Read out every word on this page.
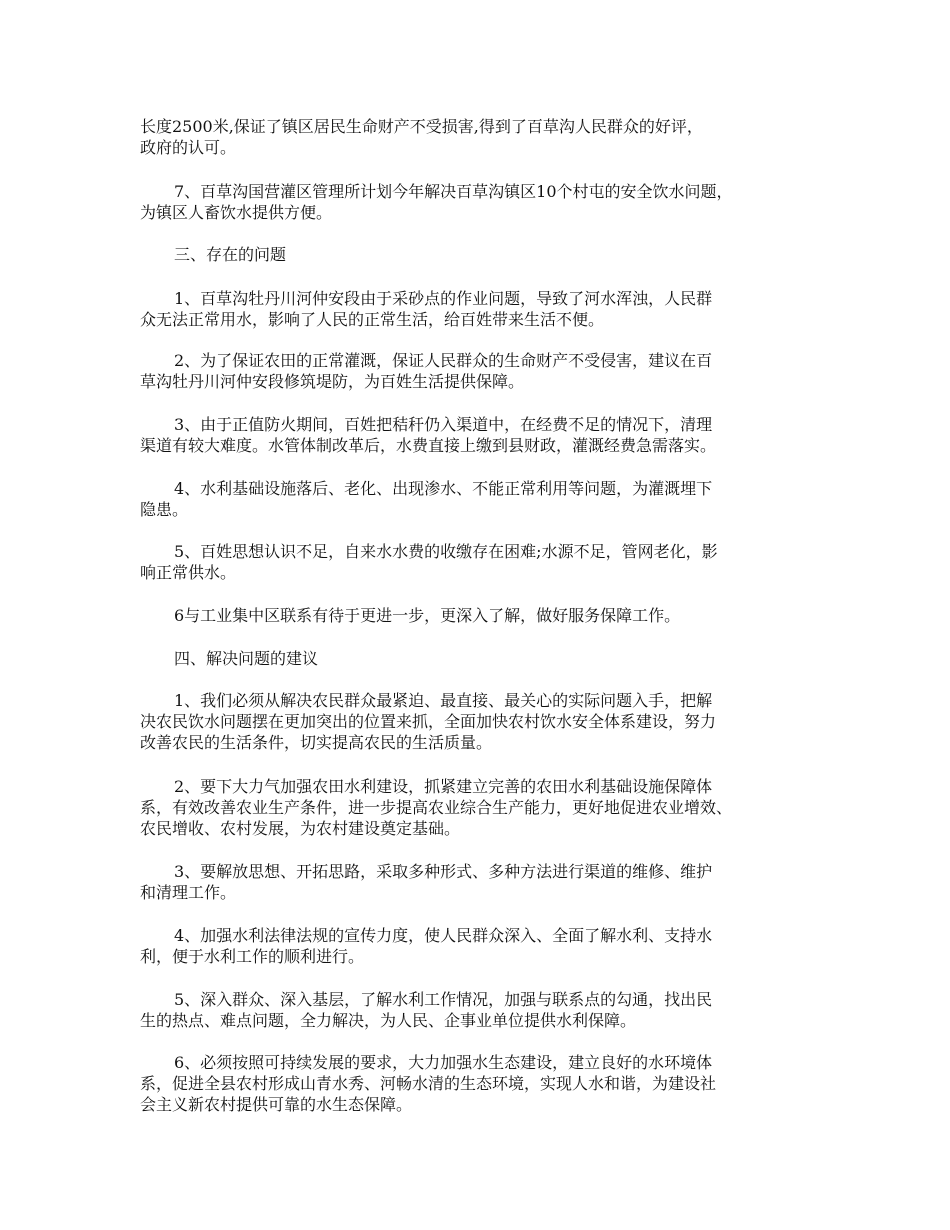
长度2500米,保证了镇区居民生命财产不受损害,得到了百草沟人民群众的好评，
政府的认可。
7、百草沟国营灌区管理所计划今年解决百草沟镇区10个村屯的安全饮水问题，
为镇区人畜饮水提供方便。
三、存在的问题
1、百草沟牡丹川河仲安段由于采砂点的作业问题，导致了河水浑浊，人民群
众无法正常用水，影响了人民的正常生活，给百姓带来生活不便。
2、为了保证农田的正常灌溉，保证人民群众的生命财产不受侵害，建议在百
草沟牡丹川河仲安段修筑堤防，为百姓生活提供保障。
3、由于正值防火期间，百姓把秸秆仍入渠道中，在经费不足的情况下，清理
渠道有较大难度。水管体制改革后，水费直接上缴到县财政，灌溉经费急需落实。
4、水利基础设施落后、老化、出现渗水、不能正常利用等问题，为灌溉埋下
隐患。
5、百姓思想认识不足，自来水水费的收缴存在困难;水源不足，管网老化，影
响正常供水。
6与工业集中区联系有待于更进一步，更深入了解，做好服务保障工作。
四、解决问题的建议
1、我们必须从解决农民群众最紧迫、最直接、最关心的实际问题入手，把解
决农民饮水问题摆在更加突出的位置来抓，全面加快农村饮水安全体系建设，努力
改善农民的生活条件，切实提高农民的生活质量。
2、要下大力气加强农田水利建设，抓紧建立完善的农田水利基础设施保障体
系，有效改善农业生产条件，进一步提高农业综合生产能力，更好地促进农业增效、
农民增收、农村发展，为农村建设奠定基础。
3、要解放思想、开拓思路，采取多种形式、多种方法进行渠道的维修、维护
和清理工作。
4、加强水利法律法规的宣传力度，使人民群众深入、全面了解水利、支持水
利，便于水利工作的顺利进行。
5、深入群众、深入基层，了解水利工作情况，加强与联系点的勾通，找出民
生的热点、难点问题，全力解决，为人民、企事业单位提供水利保障。
6、必须按照可持续发展的要求，大力加强水生态建设，建立良好的水环境体
系，促进全县农村形成山青水秀、河畅水清的生态环境，实现人水和谐，为建设社
会主义新农村提供可靠的水生态保障。
